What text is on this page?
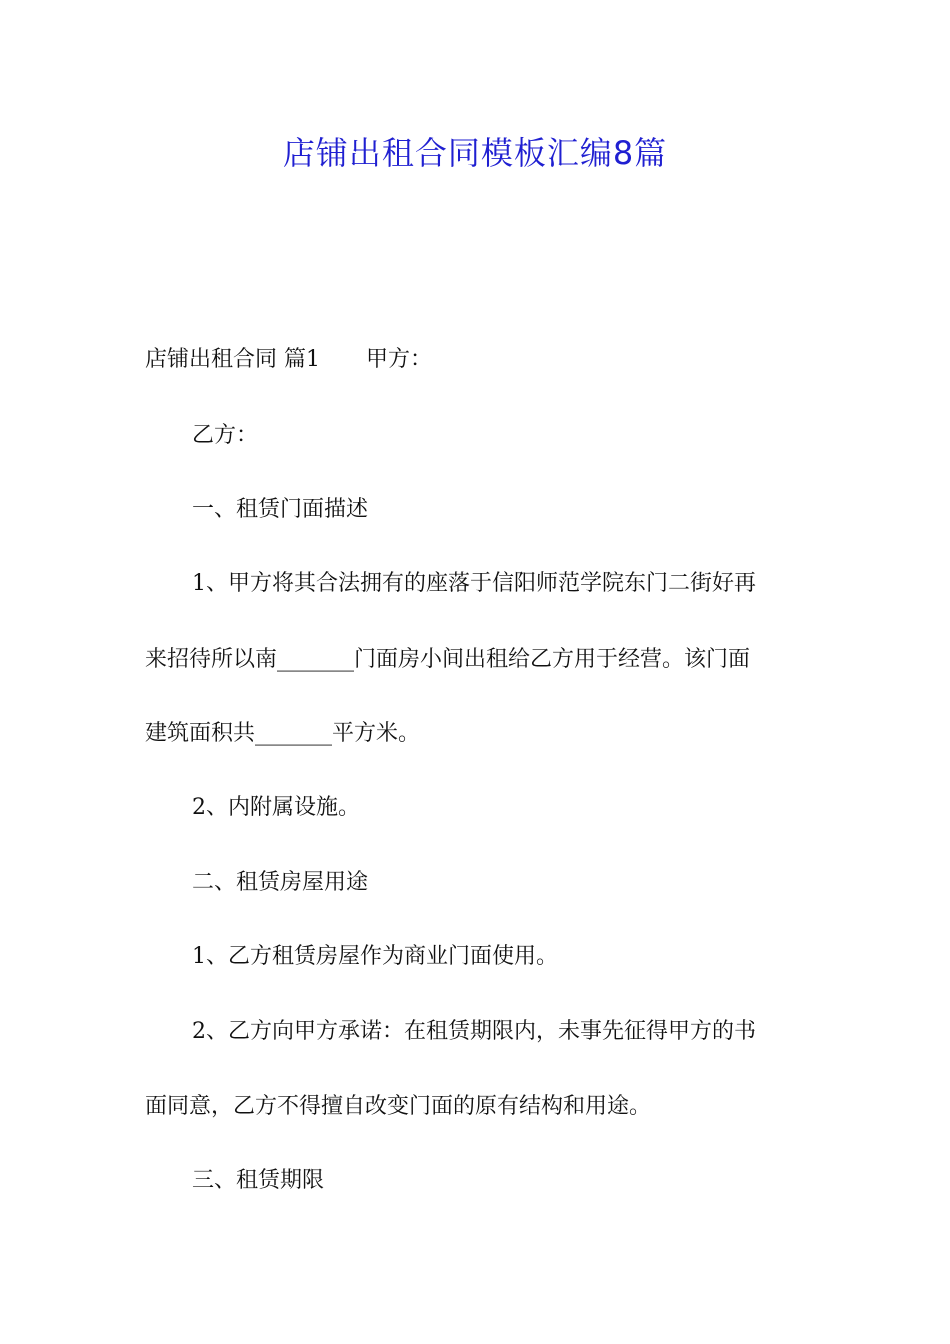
店铺出租合同模板汇编8篇
店铺出租合同 篇1 甲方：
乙方：
一、租赁门面描述
1、甲方将其合法拥有的座落于信阳师范学院东门二街好再
来招待所以南_______门面房小间出租给乙方用于经营。该门面
建筑面积共_______平方米。
2、内附属设施。
二、租赁房屋用途
1、乙方租赁房屋作为商业门面使用。
2、乙方向甲方承诺：在租赁期限内，未事先征得甲方的书
面同意，乙方不得擅自改变门面的原有结构和用途。
三、租赁期限
